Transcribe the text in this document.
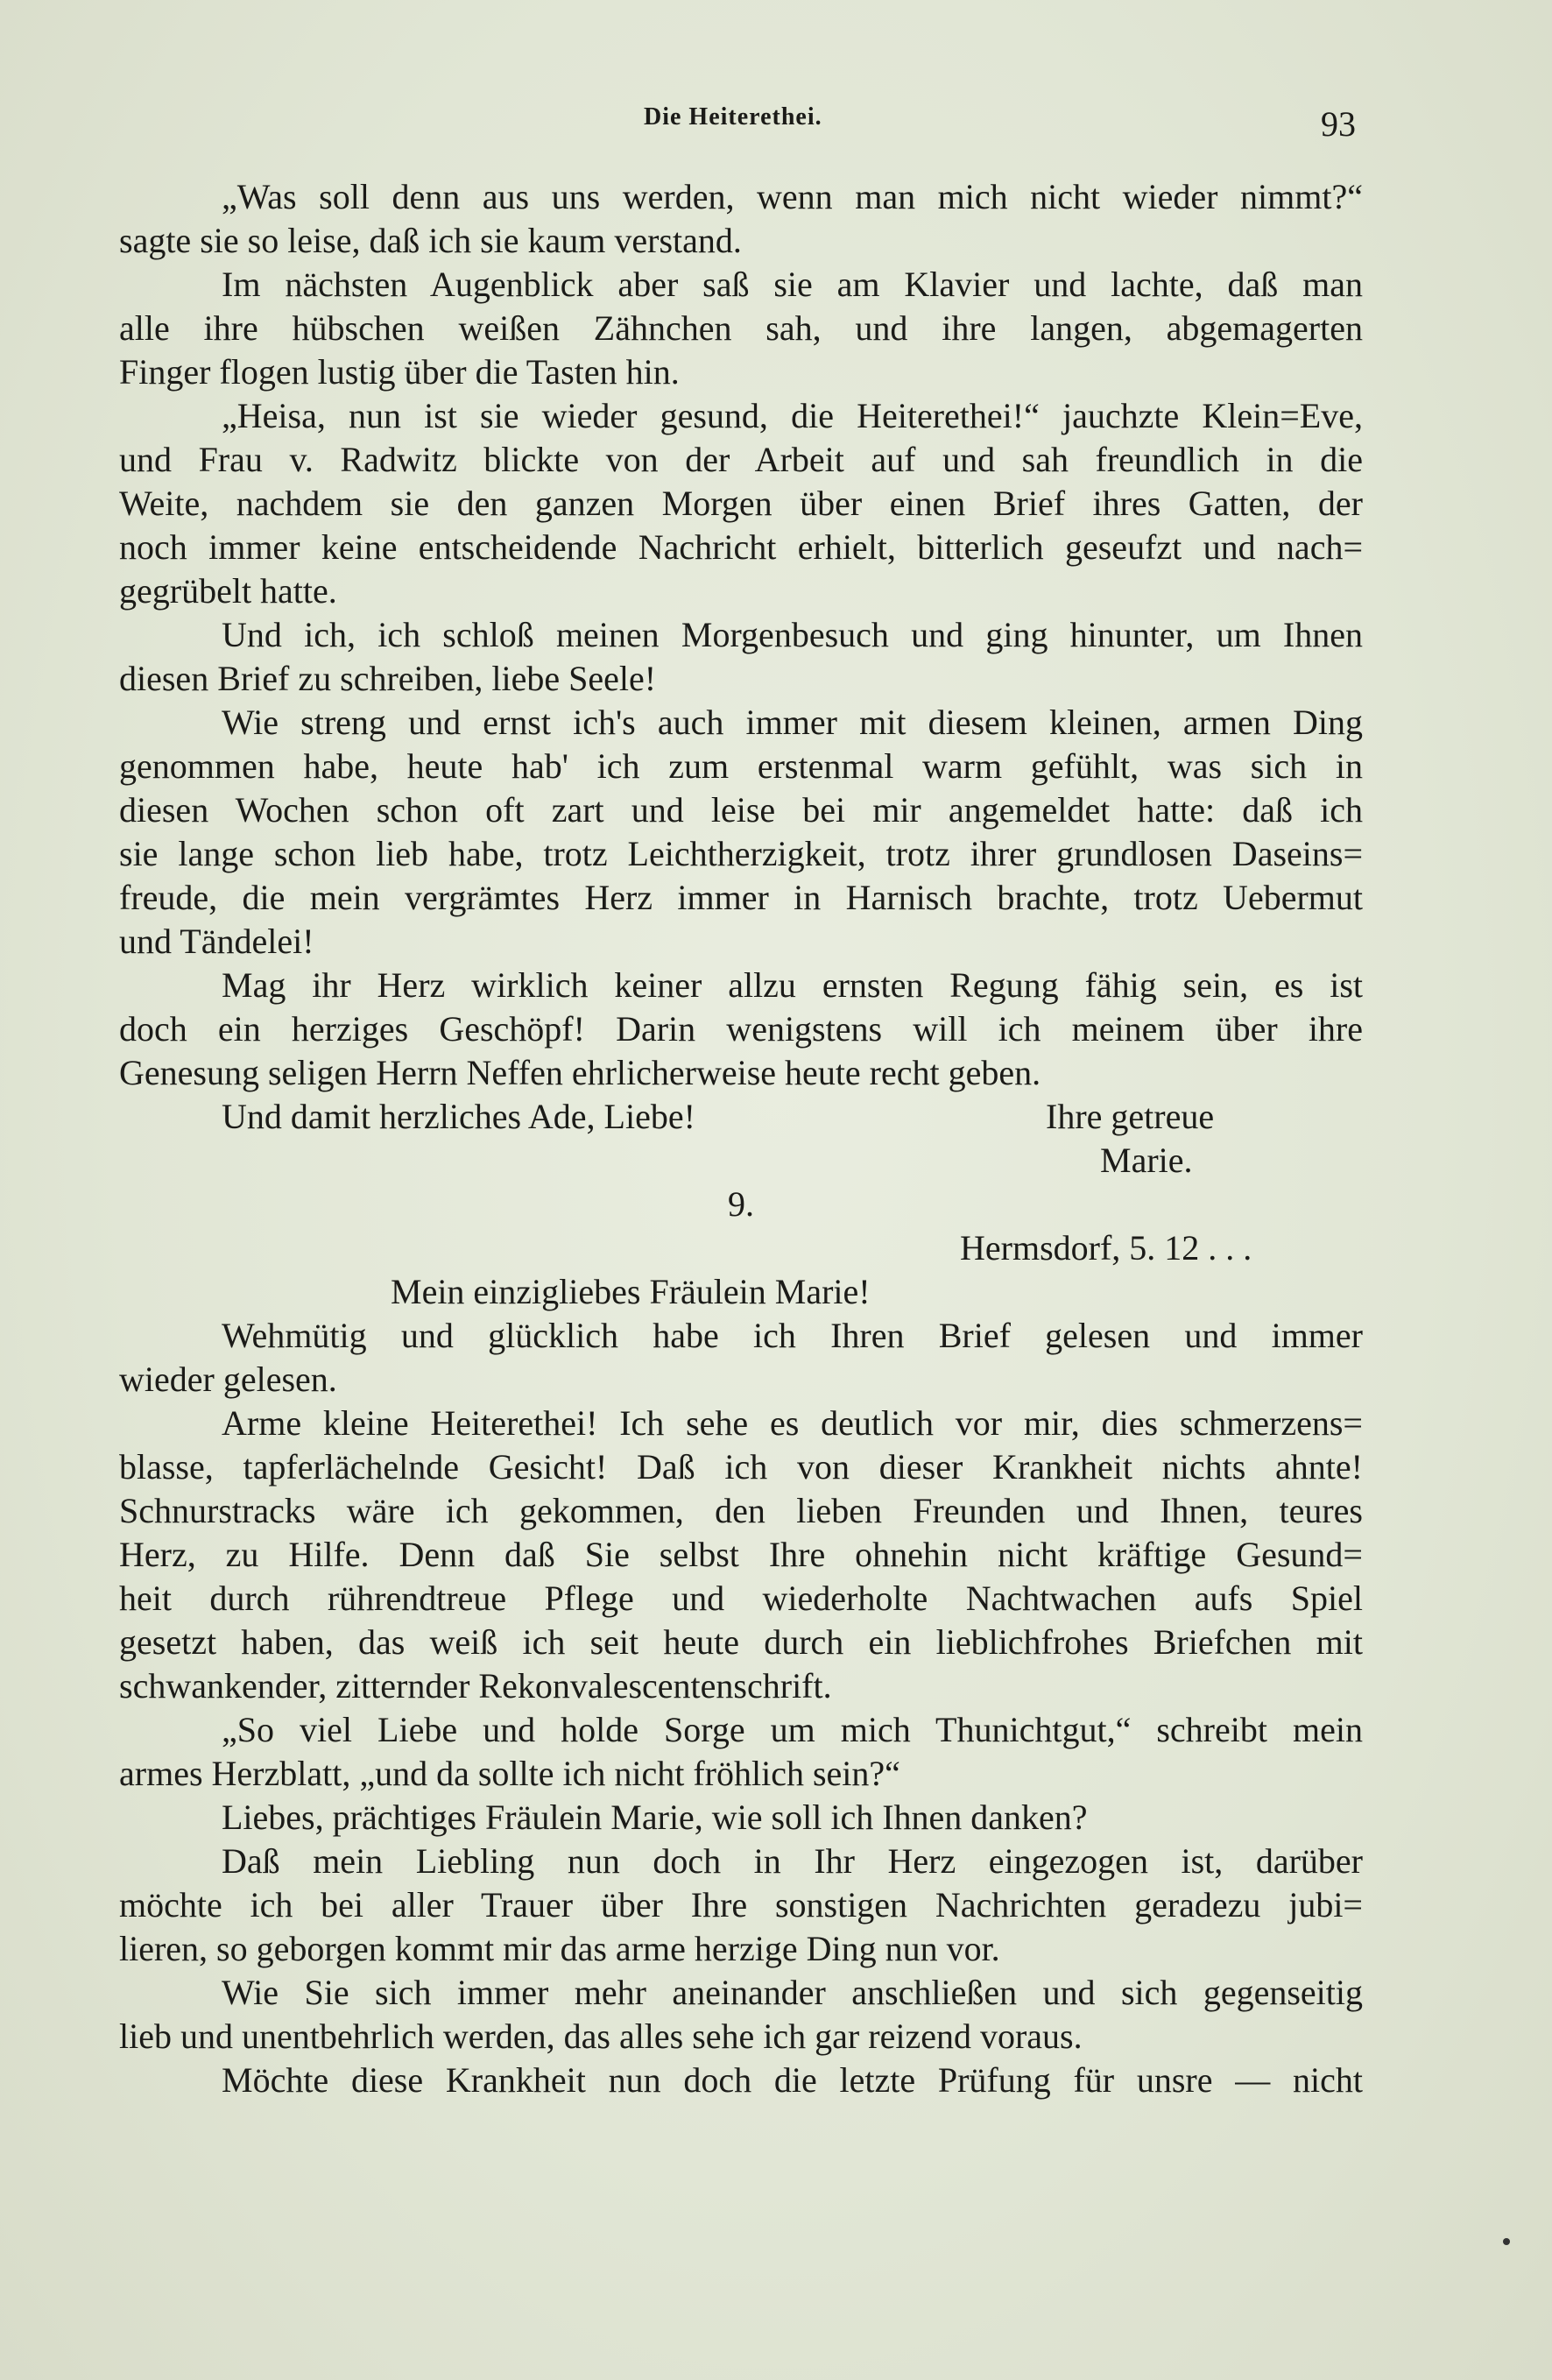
Die Heiterethei.	93
„Was soll denn aus uns werden, wenn man mich nicht wieder nimmt?“
sagte sie so leise, daß ich sie kaum verstand.
Im nächsten Augenblick aber saß sie am Klavier und lachte, daß man
alle ihre hübschen weißen Zähnchen sah, und ihre langen, abgemagerten
Finger flogen lustig über die Tasten hin.
„Heisa, nun ist sie wieder gesund, die Heiterethei!“ jauchzte Klein=Eve,
und Frau v. Radwitz blickte von der Arbeit auf und sah freundlich in die
Weite, nachdem sie den ganzen Morgen über einen Brief ihres Gatten, der
noch immer keine entscheidende Nachricht erhielt, bitterlich geseufzt und nach=
gegrübelt hatte.
Und ich, ich schloß meinen Morgenbesuch und ging hinunter, um Ihnen
diesen Brief zu schreiben, liebe Seele!
Wie streng und ernst ich's auch immer mit diesem kleinen, armen Ding
genommen habe, heute hab' ich zum erstenmal warm gefühlt, was sich in
diesen Wochen schon oft zart und leise bei mir angemeldet hatte: daß ich
sie lange schon lieb habe, trotz Leichtherzigkeit, trotz ihrer grundlosen Daseins=
freude, die mein vergrämtes Herz immer in Harnisch brachte, trotz Uebermut
und Tändelei!
Mag ihr Herz wirklich keiner allzu ernsten Regung fähig sein, es ist
doch ein herziges Geschöpf! Darin wenigstens will ich meinem über ihre
Genesung seligen Herrn Neffen ehrlicherweise heute recht geben.
Und damit herzliches Ade, Liebe!	Ihre getreue
Marie.
9.
Hermsdorf, 5. 12 . . .
Mein einzigliebes Fräulein Marie!
Wehmütig und glücklich habe ich Ihren Brief gelesen und immer
wieder gelesen.
Arme kleine Heiterethei! Ich sehe es deutlich vor mir, dies schmerzens=
blasse, tapferlächelnde Gesicht! Daß ich von dieser Krankheit nichts ahnte!
Schnurstracks wäre ich gekommen, den lieben Freunden und Ihnen, teures
Herz, zu Hilfe. Denn daß Sie selbst Ihre ohnehin nicht kräftige Gesund=
heit durch rührendtreue Pflege und wiederholte Nachtwachen aufs Spiel
gesetzt haben, das weiß ich seit heute durch ein lieblichfrohes Briefchen mit
schwankender, zitternder Rekonvalescentenschrift.
„So viel Liebe und holde Sorge um mich Thunichtgut,“ schreibt mein
armes Herzblatt, „und da sollte ich nicht fröhlich sein?“
Liebes, prächtiges Fräulein Marie, wie soll ich Ihnen danken?
Daß mein Liebling nun doch in Ihr Herz eingezogen ist, darüber
möchte ich bei aller Trauer über Ihre sonstigen Nachrichten geradezu jubi=
lieren, so geborgen kommt mir das arme herzige Ding nun vor.
Wie Sie sich immer mehr aneinander anschließen und sich gegenseitig
lieb und unentbehrlich werden, das alles sehe ich gar reizend voraus.
Möchte diese Krankheit nun doch die letzte Prüfung für unsre — nicht
